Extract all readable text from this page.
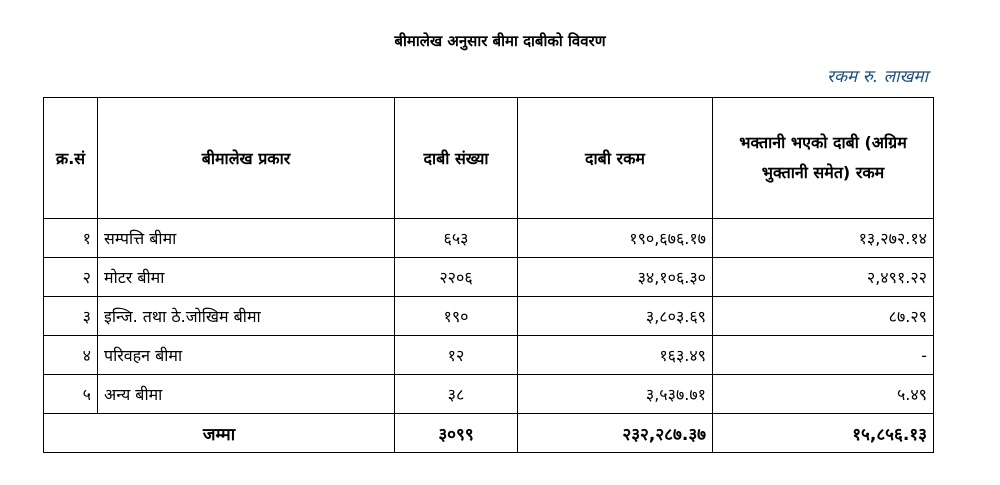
बीमालेख अनुसार बीमा दाबीको विवरण
रकम रु. लाखमा
क्र.सं	बीमालेख प्रकार	दाबी संख्या	दाबी रकम	भक्तानी भएको दाबी (अग्रिम भुक्तानी समेत) रकम
१	सम्पत्ति बीमा	६५३	१९०,६७६.१७	१३,२७२.१४
२	मोटर बीमा	२२०६	३४,१०६.३०	२,४९१.२२
३	इन्जि. तथा ठे.जोखिम बीमा	१९०	३,८०३.६९	८७.२९
४	परिवहन बीमा	१२	१६३.४९	-
५	अन्य बीमा	३८	३,५३७.७१	५.४९
जम्मा		३०९९	२३२,२८७.३७	१५,८५६.१३
